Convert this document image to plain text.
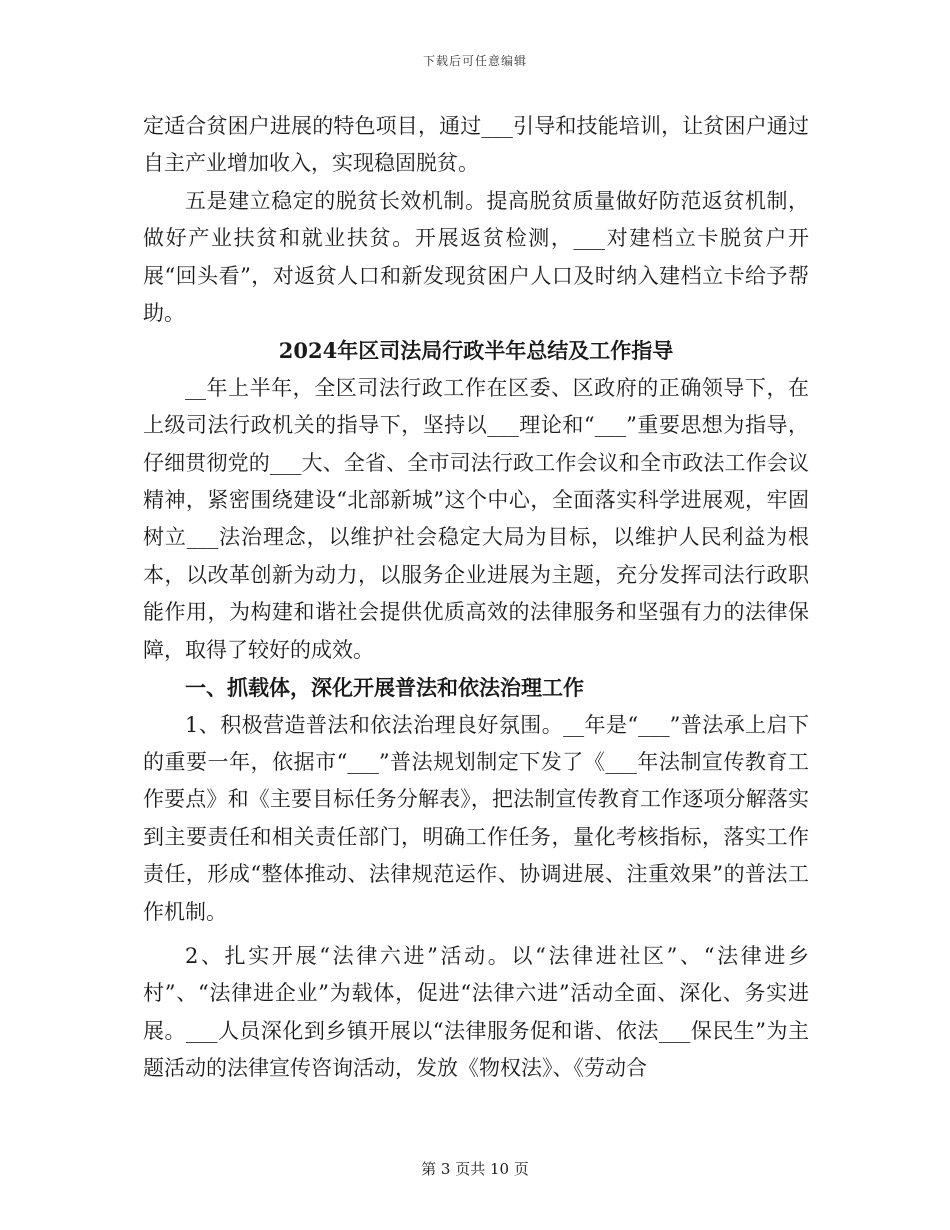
下载后可任意编辑

定适合贫困户进展的特色项目，通过___引导和技能培训，让贫困户通过自主产业增加收入，实现稳固脱贫。

五是建立稳定的脱贫长效机制。提高脱贫质量做好防范返贫机制，做好产业扶贫和就业扶贫。开展返贫检测，___对建档立卡脱贫户开展“回头看”，对返贫人口和新发现贫困户人口及时纳入建档立卡给予帮助。

2024年区司法局行政半年总结及工作指导

__年上半年，全区司法行政工作在区委、区政府的正确领导下，在上级司法行政机关的指导下，坚持以___理论和“___”重要思想为指导，仔细贯彻党的___大、全省、全市司法行政工作会议和全市政法工作会议精神，紧密围绕建设“北部新城”这个中心，全面落实科学进展观，牢固树立___法治理念，以维护社会稳定大局为目标，以维护人民利益为根本，以改革创新为动力，以服务企业进展为主题，充分发挥司法行政职能作用，为构建和谐社会提供优质高效的法律服务和坚强有力的法律保障，取得了较好的成效。

一、抓载体，深化开展普法和依法治理工作

1、积极营造普法和依法治理良好氛围。__年是“___”普法承上启下的重要一年，依据市“___”普法规划制定下发了《___年法制宣传教育工作要点》和《主要目标任务分解表》，把法制宣传教育工作逐项分解落实到主要责任和相关责任部门，明确工作任务，量化考核指标，落实工作责任，形成“整体推动、法律规范运作、协调进展、注重效果”的普法工作机制。

2、扎实开展“法律六进”活动。以“法律进社区”、“法律进乡村”、“法律进企业”为载体，促进“法律六进”活动全面、深化、务实进展。___人员深化到乡镇开展以“法律服务促和谐、依法___保民生”为主题活动的法律宣传咨询活动，发放《物权法》、《劳动合

第 3 页共 10 页
